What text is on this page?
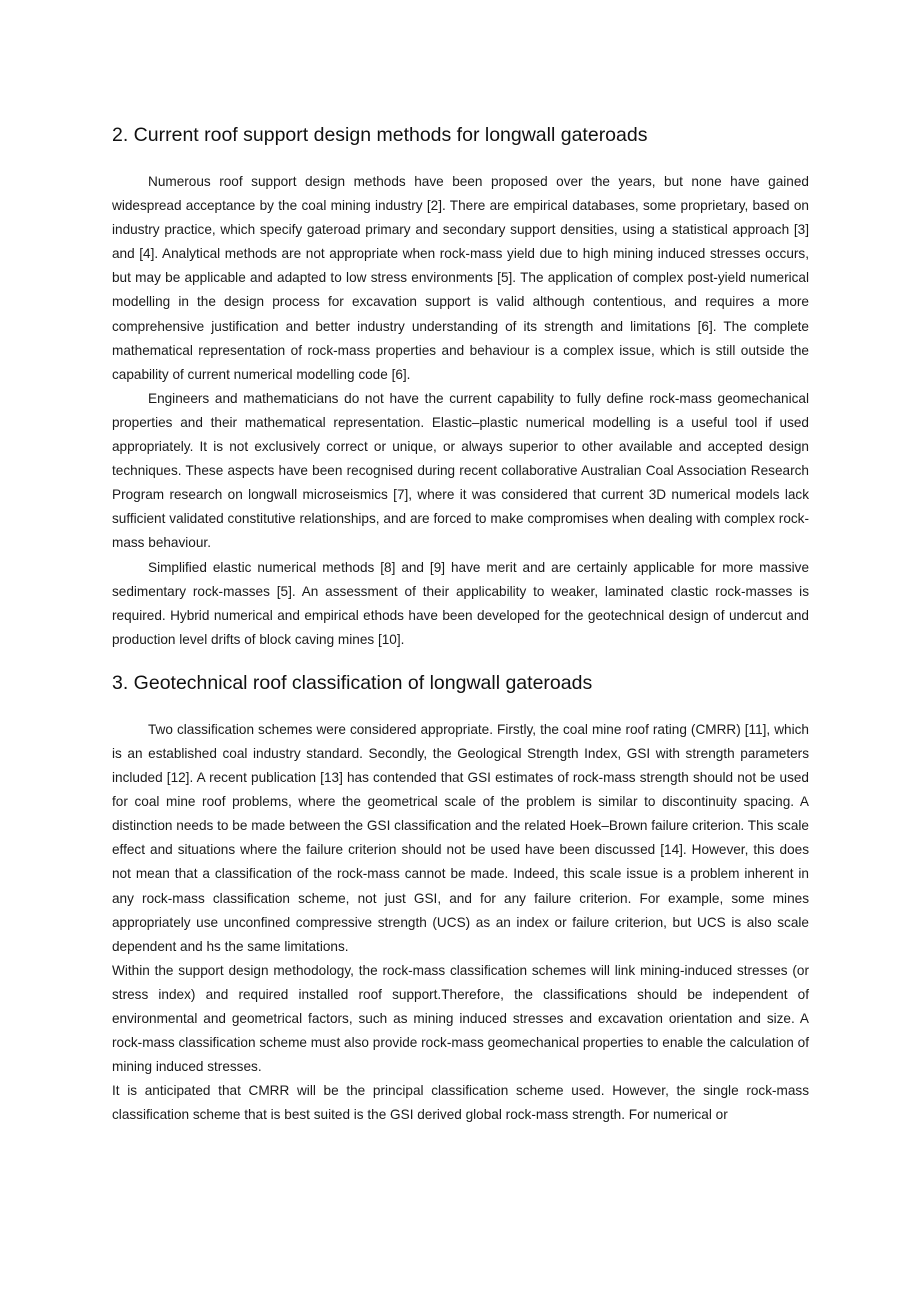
2. Current roof support design methods for longwall gateroads

Numerous roof support design methods have been proposed over the years, but none have gained widespread acceptance by the coal mining industry [2]. There are empirical databases, some proprietary, based on industry practice, which specify gateroad primary and secondary support densities, using a statistical approach [3] and [4]. Analytical methods are not appropriate when rock-mass yield due to high mining induced stresses occurs, but may be applicable and adapted to low stress environments [5]. The application of complex post-yield numerical modelling in the design process for excavation support is valid although contentious, and requires a more comprehensive justification and better industry understanding of its strength and limitations [6]. The complete mathematical representation of rock-mass properties and behaviour is a complex issue, which is still outside the capability of current numerical modelling code [6].

Engineers and mathematicians do not have the current capability to fully define rock-mass geomechanical properties and their mathematical representation. Elastic–plastic numerical modelling is a useful tool if used appropriately. It is not exclusively correct or unique, or always superior to other available and accepted design techniques. These aspects have been recognised during recent collaborative Australian Coal Association Research Program research on longwall microseismics [7], where it was considered that current 3D numerical models lack sufficient validated constitutive relationships, and are forced to make compromises when dealing with complex rock-mass behaviour.

Simplified elastic numerical methods [8] and [9] have merit and are certainly applicable for more massive sedimentary rock-masses [5]. An assessment of their applicability to weaker, laminated clastic rock-masses is required. Hybrid numerical and empirical ethods have been developed for the geotechnical design of undercut and production level drifts of block caving mines [10].

3. Geotechnical roof classification of longwall gateroads

Two classification schemes were considered appropriate. Firstly, the coal mine roof rating (CMRR) [11], which is an established coal industry standard. Secondly, the Geological Strength Index, GSI with strength parameters included [12]. A recent publication [13] has contended that GSI estimates of rock-mass strength should not be used for coal mine roof problems, where the geometrical scale of the problem is similar to discontinuity spacing. A distinction needs to be made between the GSI classification and the related Hoek–Brown failure criterion. This scale effect and situations where the failure criterion should not be used have been discussed [14]. However, this does not mean that a classification of the rock-mass cannot be made. Indeed, this scale issue is a problem inherent in any rock-mass classification scheme, not just GSI, and for any failure criterion. For example, some mines appropriately use unconfined compressive strength (UCS) as an index or failure criterion, but UCS is also scale dependent and hs the same limitations.

Within the support design methodology, the rock-mass classification schemes will link mining-induced stresses (or stress index) and required installed roof support.Therefore, the classifications should be independent of environmental and geometrical factors, such as mining induced stresses and excavation orientation and size. A rock-mass classification scheme must also provide rock-mass geomechanical properties to enable the calculation of mining induced stresses.

It is anticipated that CMRR will be the principal classification scheme used. However, the single rock-mass classification scheme that is best suited is the GSI derived global rock-mass strength. For numerical or
